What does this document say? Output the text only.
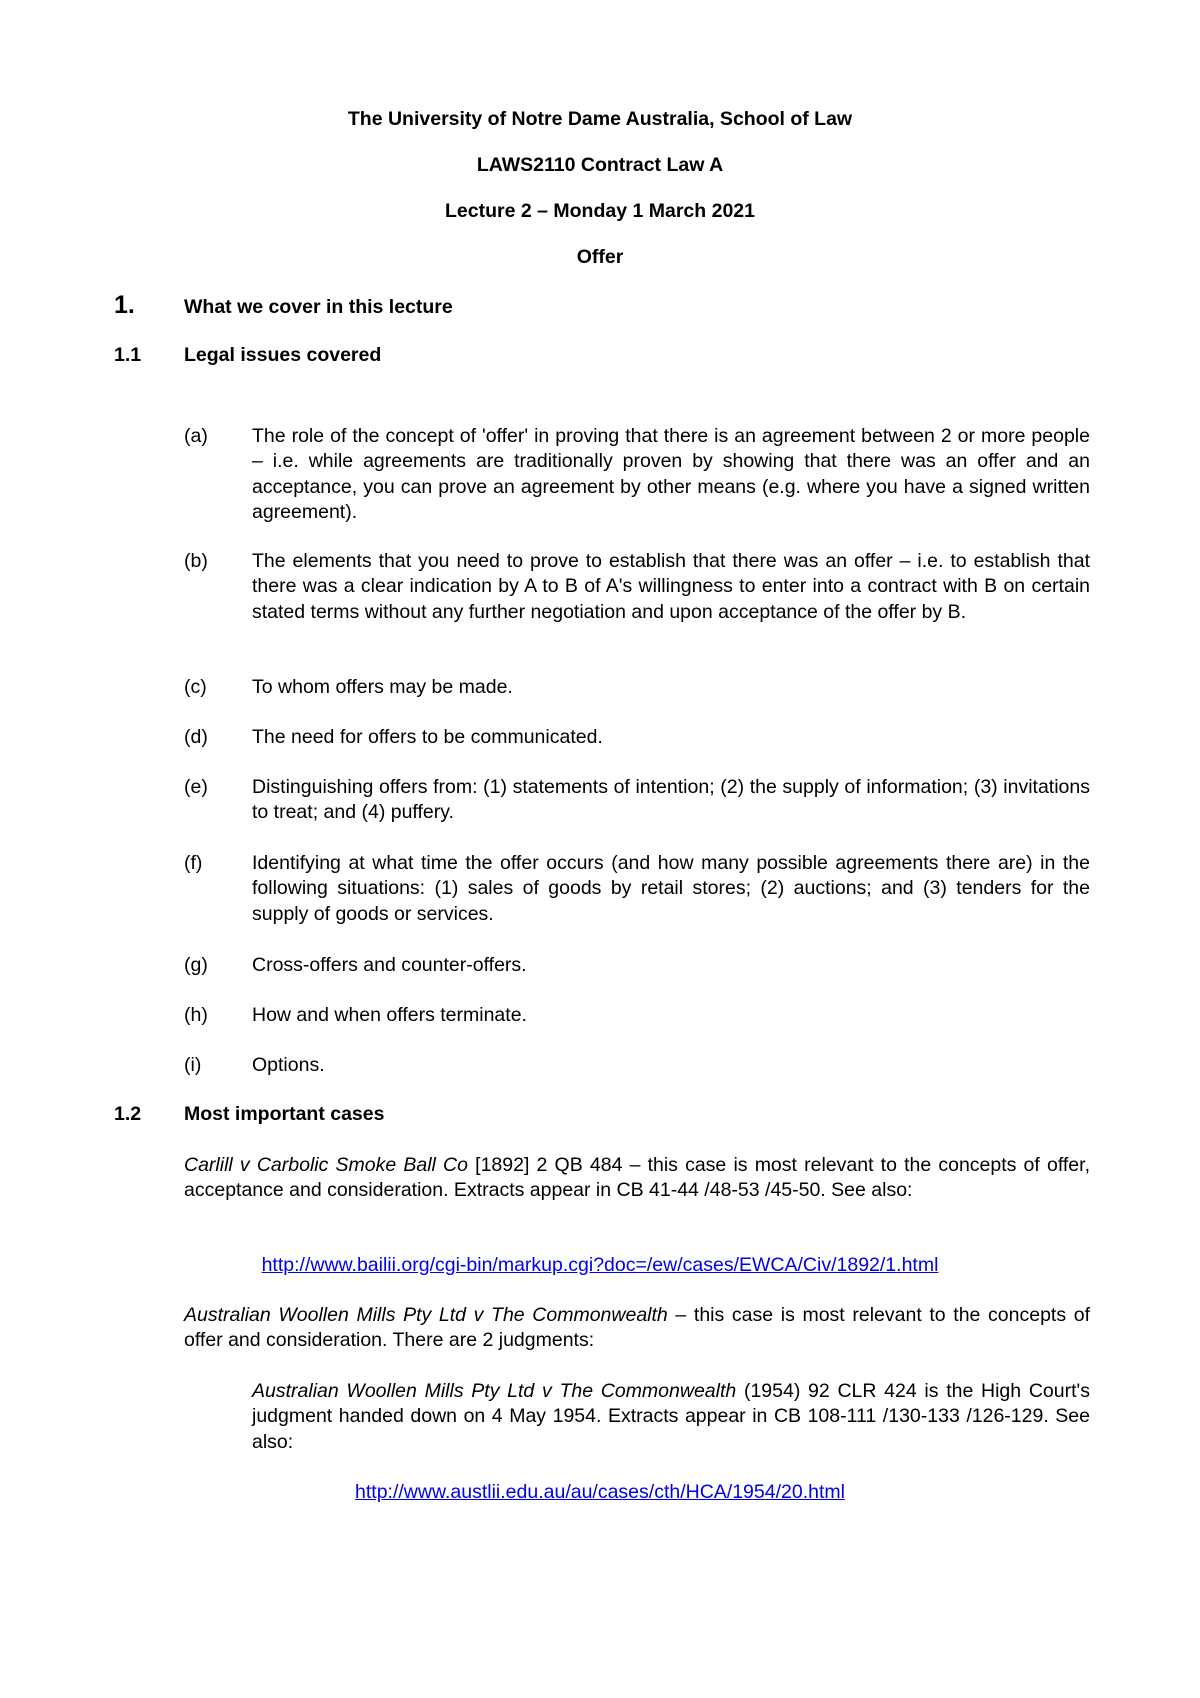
The University of Notre Dame Australia, School of Law
LAWS2110 Contract Law A
Lecture 2 – Monday 1 March 2021
Offer
1.	What we cover in this lecture
1.1 Legal issues covered
(a) The role of the concept of 'offer' in proving that there is an agreement between 2 or more people – i.e. while agreements are traditionally proven by showing that there was an offer and an acceptance, you can prove an agreement by other means (e.g. where you have a signed written agreement).
(b) The elements that you need to prove to establish that there was an offer – i.e. to establish that there was a clear indication by A to B of A's willingness to enter into a contract with B on certain stated terms without any further negotiation and upon acceptance of the offer by B.
(c) To whom offers may be made.
(d) The need for offers to be communicated.
(e) Distinguishing offers from: (1) statements of intention; (2) the supply of information; (3) invitations to treat; and (4) puffery.
(f)	Identifying at what time the offer occurs (and how many possible agreements there are) in the following situations: (1) sales of goods by retail stores; (2) auctions; and (3) tenders for the supply of goods or services.
(g) Cross-offers and counter-offers.
(h) How and when offers terminate.
(i)	Options.
1.2 Most important cases
Carlill v Carbolic Smoke Ball Co [1892] 2 QB 484 – this case is most relevant to the concepts of offer, acceptance and consideration. Extracts appear in CB 41-44 /48-53 /45-50. See also:
http://www.bailii.org/cgi-bin/markup.cgi?doc=/ew/cases/EWCA/Civ/1892/1.html
Australian Woollen Mills Pty Ltd v The Commonwealth – this case is most relevant to the concepts of offer and consideration. There are 2 judgments:
Australian Woollen Mills Pty Ltd v The Commonwealth (1954) 92 CLR 424 is the High Court's judgment handed down on 4 May 1954. Extracts appear in CB 108-111 /130-133 /126-129. See also:
http://www.austlii.edu.au/au/cases/cth/HCA/1954/20.html
